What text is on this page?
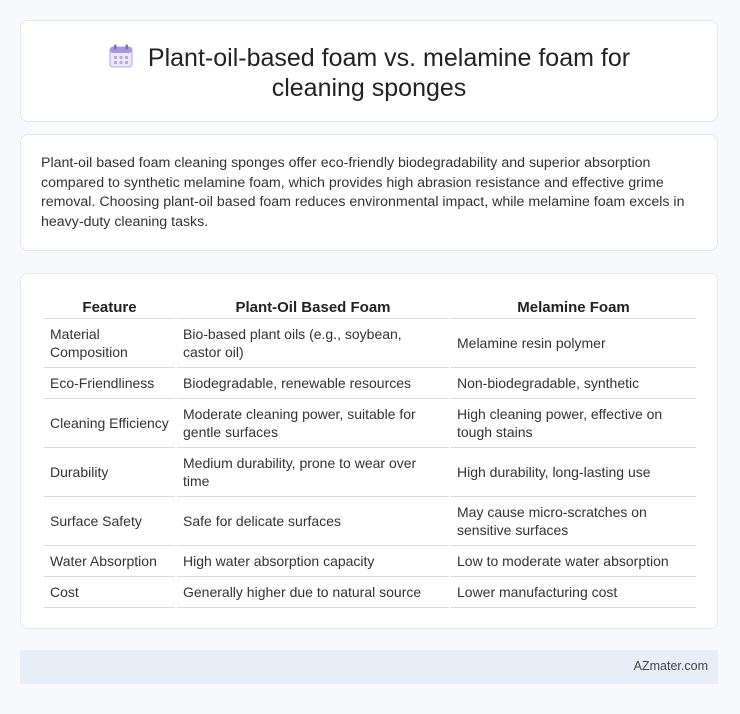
Plant-oil-based foam vs. melamine foam for cleaning sponges

Plant-oil based foam cleaning sponges offer eco-friendly biodegradability and superior absorption compared to synthetic melamine foam, which provides high abrasion resistance and effective grime removal. Choosing plant-oil based foam reduces environmental impact, while melamine foam excels in heavy-duty cleaning tasks.

Feature	Plant-Oil Based Foam	Melamine Foam
Material Composition	Bio-based plant oils (e.g., soybean, castor oil)	Melamine resin polymer
Eco-Friendliness	Biodegradable, renewable resources	Non-biodegradable, synthetic
Cleaning Efficiency	Moderate cleaning power, suitable for gentle surfaces	High cleaning power, effective on tough stains
Durability	Medium durability, prone to wear over time	High durability, long-lasting use
Surface Safety	Safe for delicate surfaces	May cause micro-scratches on sensitive surfaces
Water Absorption	High water absorption capacity	Low to moderate water absorption
Cost	Generally higher due to natural source	Lower manufacturing cost
AZmater.com
